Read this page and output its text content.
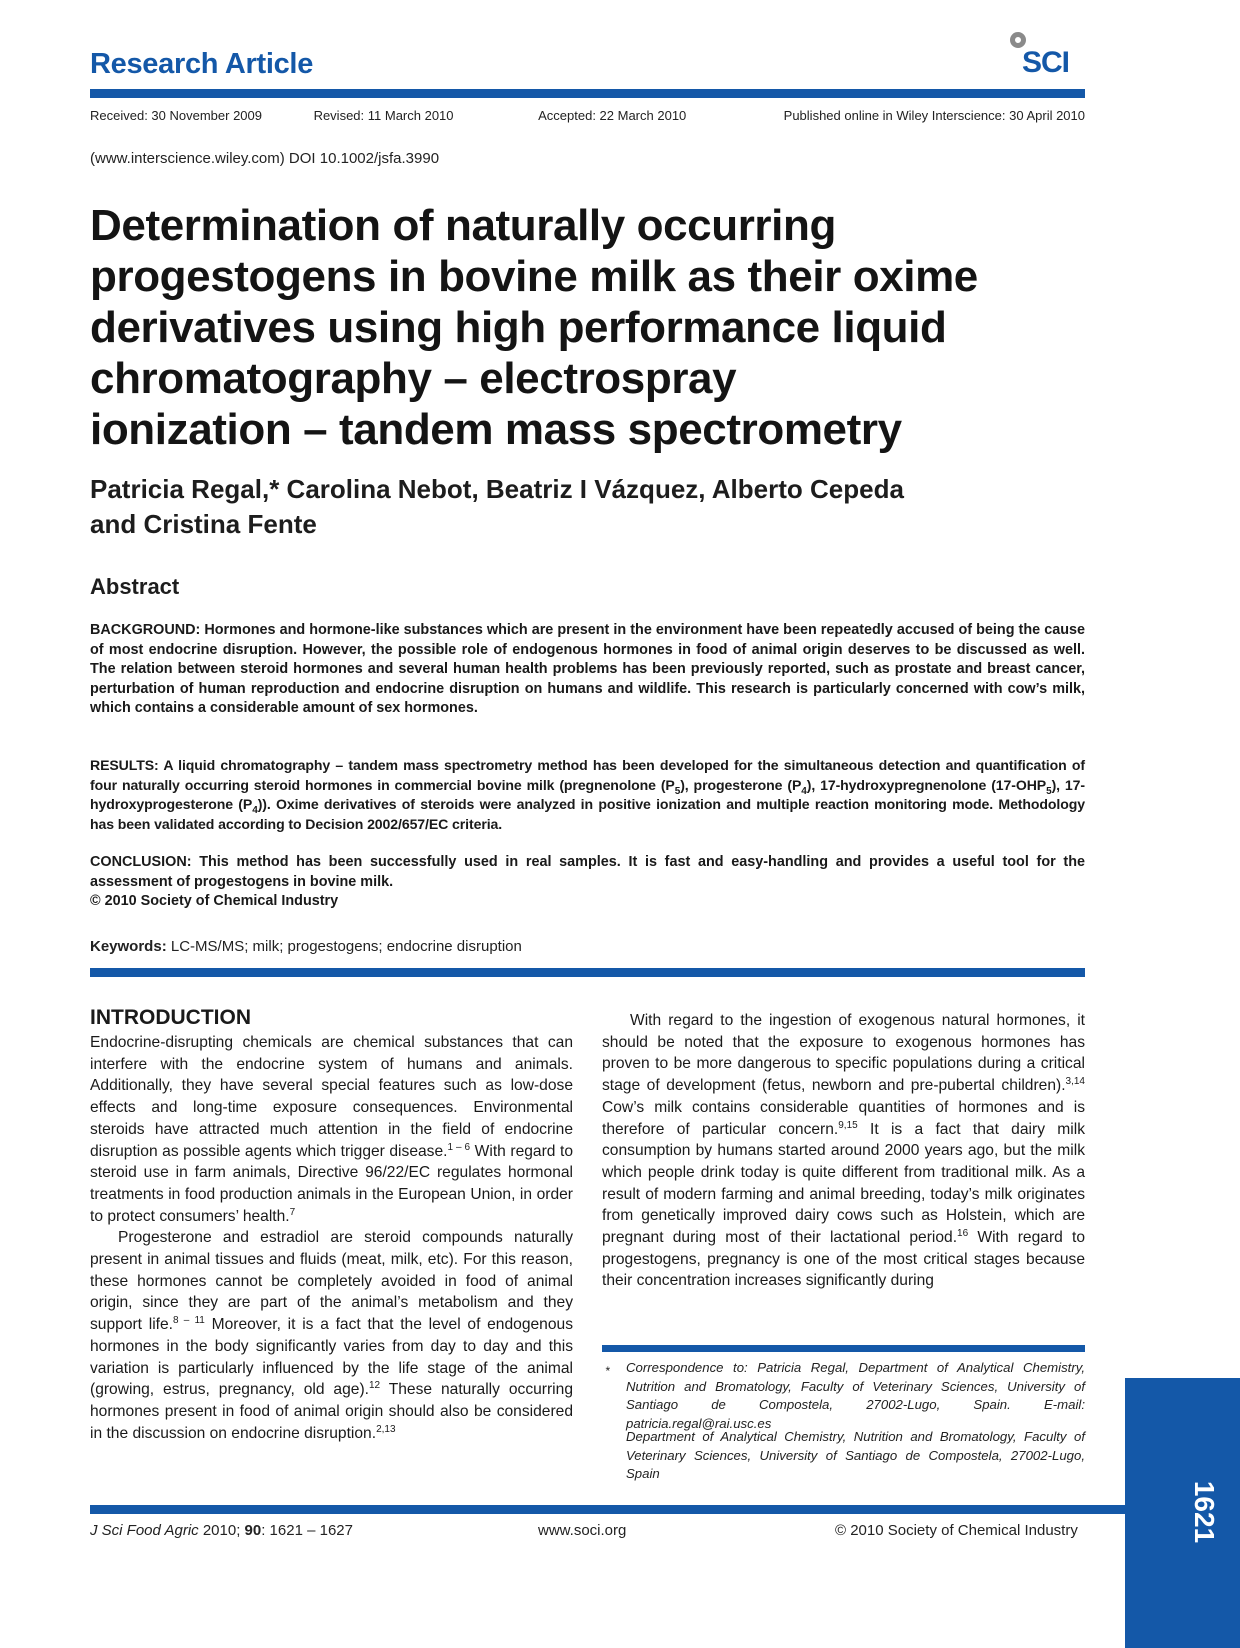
Research Article	SCI
Received: 30 November 2009	Revised: 11 March 2010	Accepted: 22 March 2010	Published online in Wiley Interscience: 30 April 2010
(www.interscience.wiley.com) DOI 10.1002/jsfa.3990
Determination of naturally occurring
progestogens in bovine milk as their oxime
derivatives using high performance liquid
chromatography – electrospray
ionization – tandem mass spectrometry
Patricia Regal,* Carolina Nebot, Beatriz I Vázquez, Alberto Cepeda
and Cristina Fente
Abstract
BACKGROUND: Hormones and hormone-like substances which are present in the environment have been repeatedly accused of being the cause of most endocrine disruption. However, the possible role of endogenous hormones in food of animal origin deserves to be discussed as well. The relation between steroid hormones and several human health problems has been previously reported, such as prostate and breast cancer, perturbation of human reproduction and endocrine disruption on humans and wildlife. This research is particularly concerned with cow’s milk, which contains a considerable amount of sex hormones.
RESULTS: A liquid chromatography – tandem mass spectrometry method has been developed for the simultaneous detection and quantification of four naturally occurring steroid hormones in commercial bovine milk (pregnenolone $(P_5)$, progesterone $(P_4)$, 17-hydroxypregnenolone $(17-OHP_5)$, 17-hydroxyprogesterone $(P_4)$). Oxime derivatives of steroids were analyzed in positive ionization and multiple reaction monitoring mode. Methodology has been validated according to Decision 2002/657/EC criteria.
CONCLUSION: This method has been successfully used in real samples. It is fast and easy-handling and provides a useful tool for the assessment of progestogens in bovine milk.
© 2010 Society of Chemical Industry
Keywords: LC-MS/MS; milk; progestogens; endocrine disruption
INTRODUCTION

Endocrine-disrupting chemicals are chemical substances that can interfere with the endocrine system of humans and animals. Additionally, they have several special features such as low-dose effects and long-time exposure consequences. Environmental steroids have attracted much attention in the field of endocrine disruption as possible agents which trigger disease.$^{1 - 6}$ With regard to steroid use in farm animals, Directive 96/22/EC regulates hormonal treatments in food production animals in the European Union, in order to protect consumers’ health.$^7$

Progesterone and estradiol are steroid compounds naturally present in animal tissues and fluids (meat, milk, etc). For this reason, these hormones cannot be completely avoided in food of animal origin, since they are part of the animal’s metabolism and they support life.$^{8 - 11}$ Moreover, it is a fact that the level of endogenous hormones in the body significantly varies from day to day and this variation is particularly influenced by the life stage of the animal (growing, estrus, pregnancy, old age).$^{12}$ These naturally occurring hormones present in food of animal origin should also be considered in the discussion on endocrine disruption.$^{2,13}$

With regard to the ingestion of exogenous natural hormones, it should be noted that the exposure to exogenous hormones has proven to be more dangerous to specific populations during a critical stage of development (fetus, newborn and pre-pubertal children).$^{3,14}$ Cow’s milk contains considerable quantities of hormones and is therefore of particular concern.$^{9,15}$ It is a fact that dairy milk consumption by humans started around 2000 years ago, but the milk which people drink today is quite different from traditional milk. As a result of modern farming and animal breeding, today’s milk originates from genetically improved dairy cows such as Holstein, which are pregnant during most of their lactational period.$^{16}$ With regard to progestogens, pregnancy is one of the most critical stages because their concentration increases significantly during

* Correspondence to: Patricia Regal, Department of Analytical Chemistry, Nutrition and Bromatology, Faculty of Veterinary Sciences, University of Santiago de Compostela, 27002-Lugo, Spain. E-mail: patricia.regal@rai.usc.es
Department of Analytical Chemistry, Nutrition and Bromatology, Faculty of Veterinary Sciences, University of Santiago de Compostela, 27002-Lugo, Spain
1621
J Sci Food Agric 2010; 90: 1621 – 1627	www.soci.org	© 2010 Society of Chemical Industry
